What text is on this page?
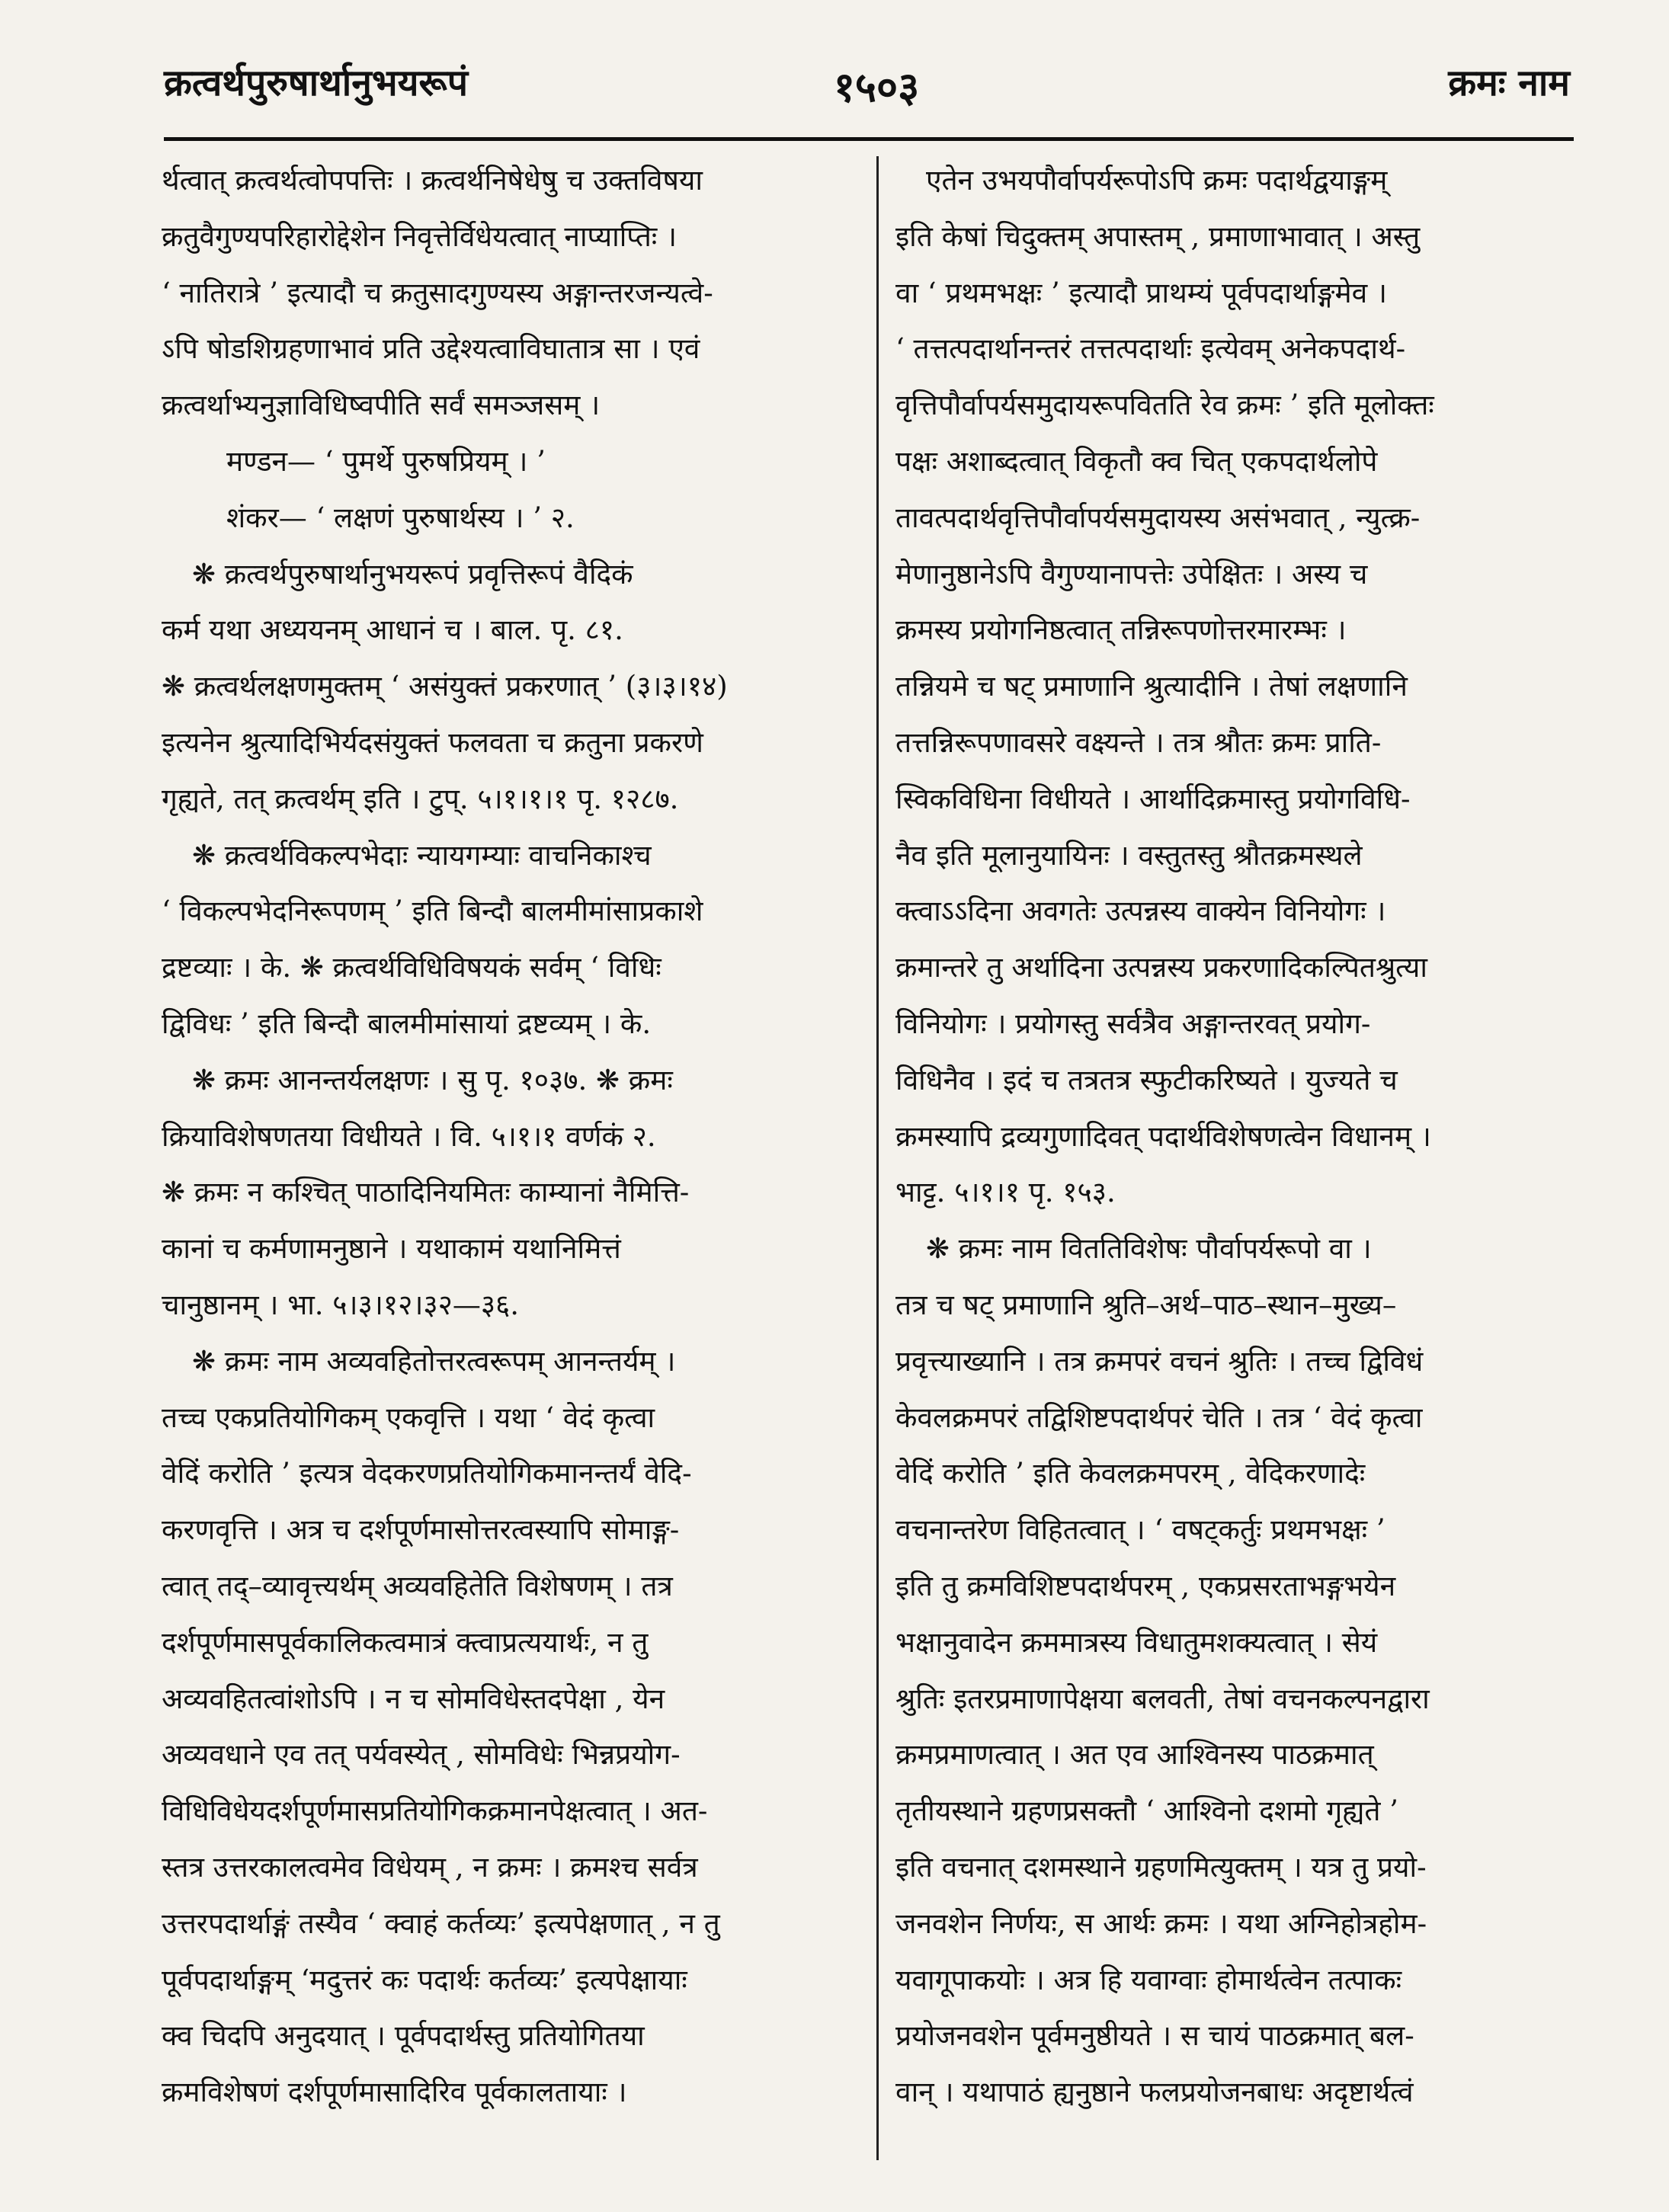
क्रत्वर्थपुरुषार्थानुभयरूपं	१५०३	क्रमः नाम
र्थत्वात् क्रत्वर्थत्वोपपत्तिः । क्रत्वर्थनिषेधेषु च उक्तविषया
क्रतुवैगुण्यपरिहारोद्देशेन निवृत्तेर्विधेयत्वात् नाप्याप्तिः ।
‘ नातिरात्रे ’ इत्यादौ च क्रतुसादगुण्यस्य अङ्गान्तरजन्यत्वे-
ऽपि षोडशिग्रहणाभावं प्रति उद्देश्यत्वाविघातात्र सा । एवं
क्रत्वर्थाभ्यनुज्ञाविधिष्वपीति सर्वं समञ्जसम् ।
मण्डन— ‘ पुमर्थे पुरुषप्रियम् । ’
शंकर— ‘ लक्षणं पुरुषार्थस्य । ’ २.
❋ क्रत्वर्थपुरुषार्थानुभयरूपं प्रवृत्तिरूपं वैदिकं
कर्म यथा अध्ययनम् आधानं च । बाल. पृ. ८१.
❋ क्रत्वर्थलक्षणमुक्तम् ‘ असंयुक्तं प्रकरणात् ’ (३।३।१४)
इत्यनेन श्रुत्यादिभिर्यदसंयुक्तं फलवता च क्रतुना प्रकरणे
गृह्यते, तत् क्रत्वर्थम् इति । टुप्. ५।१।१।१ पृ. १२८७.
❋ क्रत्वर्थविकल्पभेदाः न्यायगम्याः वाचनिकाश्च
‘ विकल्पभेदनिरूपणम् ’ इति बिन्दौ बालमीमांसाप्रकाशे
द्रष्टव्याः । के. ❋ क्रत्वर्थविधिविषयकं सर्वम् ‘ विधिः
द्विविधः ’ इति बिन्दौ बालमीमांसायां द्रष्टव्यम् । के.
❋ क्रमः आनन्तर्यलक्षणः । सु पृ. १०३७. ❋ क्रमः
क्रियाविशेषणतया विधीयते । वि. ५।१।१ वर्णकं २.
❋ क्रमः न कश्चित् पाठादिनियमितः काम्यानां नैमित्ति-
कानां च कर्मणामनुष्ठाने । यथाकामं यथानिमित्तं
चानुष्ठानम् । भा. ५।३।१२।३२—३६.
❋ क्रमः नाम अव्यवहितोत्तरत्वरूपम् आनन्तर्यम् ।
तच्च एकप्रतियोगिकम् एकवृत्ति । यथा ‘ वेदं कृत्वा
वेदिं करोति ’ इत्यत्र वेदकरणप्रतियोगिकमानन्तर्यं वेदि-
करणवृत्ति । अत्र च दर्शपूर्णमासोत्तरत्वस्यापि सोमाङ्ग-
त्वात् तद्–व्यावृत्त्यर्थम् अव्यवहितेति विशेषणम् । तत्र
दर्शपूर्णमासपूर्वकालिकत्वमात्रं क्त्वाप्रत्ययार्थः, न तु
अव्यवहितत्वांशोऽपि । न च सोमविधेस्तदपेक्षा , येन
अव्यवधाने एव तत् पर्यवस्येत् , सोमविधेः भिन्नप्रयोग-
विधिविधेयदर्शपूर्णमासप्रतियोगिकक्रमानपेक्षत्वात् । अत-
स्तत्र उत्तरकालत्वमेव विधेयम् , न क्रमः । क्रमश्च सर्वत्र
उत्तरपदार्थाङ्गं तस्यैव ‘ क्वाहं कर्तव्यः’ इत्यपेक्षणात् , न तु
पूर्वपदार्थाङ्गम् ‘मदुत्तरं कः पदार्थः कर्तव्यः’ इत्यपेक्षायाः
क्व चिदपि अनुदयात् । पूर्वपदार्थस्तु प्रतियोगितया
क्रमविशेषणं दर्शपूर्णमासादिरिव पूर्वकालतायाः ।
एतेन उभयपौर्वापर्यरूपोऽपि क्रमः पदार्थद्वयाङ्गम्
इति केषां चिदुक्तम् अपास्तम् , प्रमाणाभावात् । अस्तु
वा ‘ प्रथमभक्षः ’ इत्यादौ प्राथम्यं पूर्वपदार्थाङ्गमेव ।
‘ तत्तत्पदार्थानन्तरं तत्तत्पदार्थाः इत्येवम् अनेकपदार्थ-
वृत्तिपौर्वापर्यसमुदायरूपवितति रेव क्रमः ’ इति मूलोक्तः
पक्षः अशाब्दत्वात् विकृतौ क्व चित् एकपदार्थलोपे
तावत्पदार्थवृत्तिपौर्वापर्यसमुदायस्य असंभवात् , न्युत्क्र-
मेणानुष्ठानेऽपि वैगुण्यानापत्तेः उपेक्षितः । अस्य च
क्रमस्य प्रयोगनिष्ठत्वात् तन्निरूपणोत्तरमारम्भः ।
तन्नियमे च षट् प्रमाणानि श्रुत्यादीनि । तेषां लक्षणानि
तत्तन्निरूपणावसरे वक्ष्यन्ते । तत्र श्रौतः क्रमः प्राति-
स्विकविधिना विधीयते । आर्थादिक्रमास्तु प्रयोगविधि-
नैव इति मूलानुयायिनः । वस्तुतस्तु श्रौतक्रमस्थले
क्त्वाऽऽदिना अवगतेः उत्पन्नस्य वाक्येन विनियोगः ।
क्रमान्तरे तु अर्थादिना उत्पन्नस्य प्रकरणादिकल्पितश्रुत्या
विनियोगः । प्रयोगस्तु सर्वत्रैव अङ्गान्तरवत् प्रयोग-
विधिनैव । इदं च तत्रतत्र स्फुटीकरिष्यते । युज्यते च
क्रमस्यापि द्रव्यगुणादिवत् पदार्थविशेषणत्वेन विधानम् ।
भाट्ट. ५।१।१ पृ. १५३.
❋ क्रमः नाम विततिविशेषः पौर्वापर्यरूपो वा ।
तत्र च षट् प्रमाणानि श्रुति–अर्थ–पाठ–स्थान–मुख्य–
प्रवृत्त्याख्यानि । तत्र क्रमपरं वचनं श्रुतिः । तच्च द्विविधं
केवलक्रमपरं तद्विशिष्टपदार्थपरं चेति । तत्र ‘ वेदं कृत्वा
वेदिं करोति ’ इति केवलक्रमपरम् , वेदिकरणादेः
वचनान्तरेण विहितत्वात् । ‘ वषट्कर्तुः प्रथमभक्षः ’
इति तु क्रमविशिष्टपदार्थपरम् , एकप्रसरताभङ्गभयेन
भक्षानुवादेन क्रममात्रस्य विधातुमशक्यत्वात् । सेयं
श्रुतिः इतरप्रमाणापेक्षया बलवती, तेषां वचनकल्पनद्वारा
क्रमप्रमाणत्वात् । अत एव आश्विनस्य पाठक्रमात्
तृतीयस्थाने ग्रहणप्रसक्तौ ‘ आश्विनो दशमो गृह्यते ’
इति वचनात् दशमस्थाने ग्रहणमित्युक्तम् । यत्र तु प्रयो-
जनवशेन निर्णयः, स आर्थः क्रमः । यथा अग्निहोत्रहोम-
यवागूपाकयोः । अत्र हि यवाग्वाः होमार्थत्वेन तत्पाकः
प्रयोजनवशेन पूर्वमनुष्ठीयते । स चायं पाठक्रमात् बल-
वान् । यथापाठं ह्यनुष्ठाने फलप्रयोजनबाधः अदृष्टार्थत्वं
